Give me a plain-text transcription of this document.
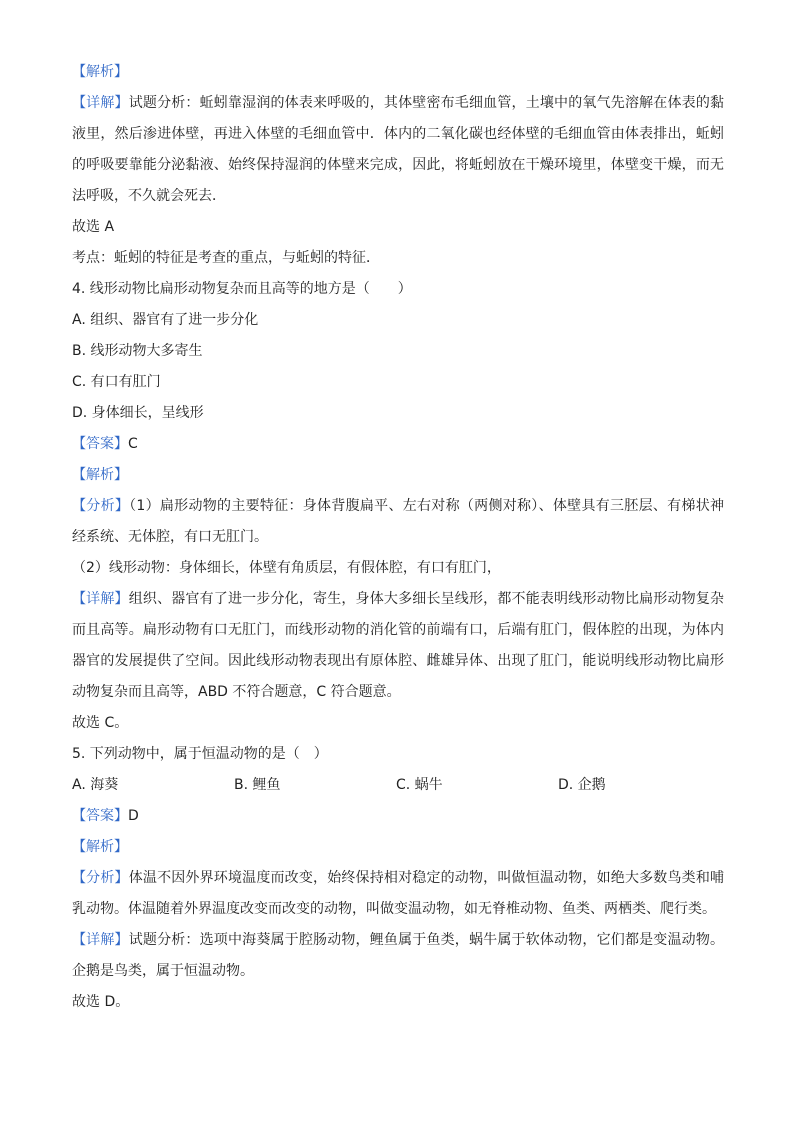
【解析】
【详解】试题分析：蚯蚓靠湿润的体表来呼吸的，其体壁密布毛细血管，土壤中的氧气先溶解在体表的黏
液里，然后渗进体壁，再进入体壁的毛细血管中．体内的二氧化碳也经体壁的毛细血管由体表排出，蚯蚓
的呼吸要靠能分泌黏液、始终保持湿润的体壁来完成，因此，将蚯蚓放在干燥环境里，体壁变干燥，而无
法呼吸，不久就会死去．
故选 A
考点：蚯蚓的特征是考查的重点，与蚯蚓的特征．
4. 线形动物比扁形动物复杂而且高等的地方是（　　）
A. 组织、器官有了进一步分化
B. 线形动物大多寄生
C. 有口有肛门
D. 身体细长，呈线形
【答案】C
【解析】
【分析】（1）扁形动物的主要特征：身体背腹扁平、左右对称（两侧对称）、体壁具有三胚层、有梯状神
经系统、无体腔，有口无肛门。
（2）线形动物：身体细长，体壁有角质层，有假体腔，有口有肛门，
【详解】组织、器官有了进一步分化，寄生，身体大多细长呈线形，都不能表明线形动物比扁形动物复杂
而且高等。扁形动物有口无肛门，而线形动物的消化管的前端有口，后端有肛门，假体腔的出现，为体内
器官的发展提供了空间。因此线形动物表现出有原体腔、雌雄异体、出现了肛门，能说明线形动物比扁形
动物复杂而且高等，ABD 不符合题意，C 符合题意。
故选 C。
5. 下列动物中，属于恒温动物的是（　）
A. 海葵	B. 鲤鱼	C. 蜗牛	D. 企鹅
【答案】D
【解析】
【分析】体温不因外界环境温度而改变，始终保持相对稳定的动物，叫做恒温动物，如绝大多数鸟类和哺
乳动物。体温随着外界温度改变而改变的动物，叫做变温动物，如无脊椎动物、鱼类、两栖类、爬行类。
【详解】试题分析：选项中海葵属于腔肠动物，鲤鱼属于鱼类，蜗牛属于软体动物，它们都是变温动物。
企鹅是鸟类，属于恒温动物。
故选 D。
